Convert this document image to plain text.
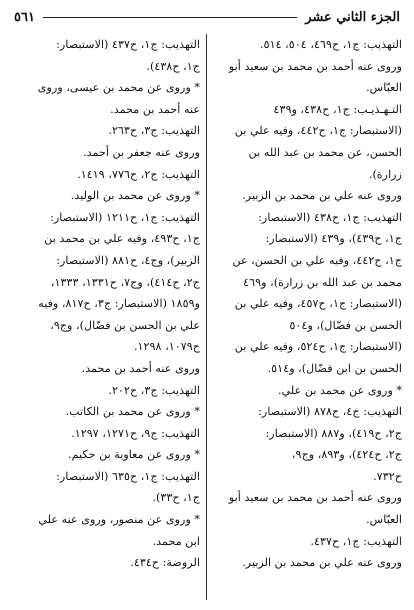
الجزء الثاني عشر
٥٦١
التهذيب: ج١، ح٤٦٩، ٥٠٤، ٥١٤.
وروى عنه أحمد بن محمد بن سعيد أبو
العبّاس.
التـهـذيـب: ج١، ح٤٣٨، و٤٣٩
(الاستبصار: ج١، ح٤٤٢، وفيه علي بن
الحسن، عن محمد بن عبد الله بن
زرارة).
وروى عنه علي بن محمد بن الزبير.
التهذيب: ج١، ح٤٣٨ (الاستبصار:
ج١، ح٤٣٩)، و٤٣٩ (الاستبصار:
ج١، ح٤٤٢، وفيه علي بن الحسن، عن
محمد بن عبد الله بن زرارة)، و٤٦٩
(الاستبصار: ج١، ح٤٥٧، وفيه علي بن
الحسن بن فضّال)، و٥٠٤
(الاستبصار: ج١، ح٥٢٤، وفيه علي بن
الحسن بن ابن فضّال)، و٥١٤.
* وروى عن محمد بن علي.
التهذيب: ج٤، ح٨٧٨ (الاستبصار:
ج٢، ح٤١٩)، و٨٨٧ (الاستبصار:
ج٢، ح٤٢٤)، و٨٩٣، وج٩،
ح٧٣٢.
وروى عنه أحمد بن محمد بن سعيد أبو
العبّاس.
التهذيب: ج١، ح٤٣٧.
وروى عنه علي بن محمد بن الزبير.
التهذيب: ج١، ح٤٣٧ (الاستبصار:
ج١، ح٤٣٨).
* وروى عن محمد بن عيسى، وروى
عنه أحمد بن محمد.
التهذيب: ج٣، ح٢٦٣.
وروى عنه جعفر بن أحمد.
التهذيب: ج٢، ح٧٧٦، ١٤١٩.
* وروى عن محمد بن الوليد.
التهذيب: ج١، ح١٢١١ (الاستبصار:
ج١، ح٤٩٣، وفيه علي بن محمد بن
الزبير)، وج٤، ح٨٨١ (الاستبصار:
ج٢، ح٤١٤)، وج٧، ح١٣٣١، ١٣٣٣،
و١٨٥٩ (الاستبصار: ج٣، ح٨١٧، وفيه
علي بن الحسن بن فضّال)، وج٩،
ح١٠٧٩، ١٢٩٨.
وروى عنه أحمد بن محمد.
التهذيب: ج٣، ح٢٠٢.
* وروى عن محمد بن الكاتب.
التهذيب: ج٩، ح١٢٧١، ١٢٩٧.
* وروى عن معاوية بن حكيم.
التهذيب: ج١، ح٦٣٥ (الاستبصار:
ج١، ح٣٣).
* وروى عن منصور، وروى عنه علي
ابن محمد.
الروضة: ح٤٣٤.
